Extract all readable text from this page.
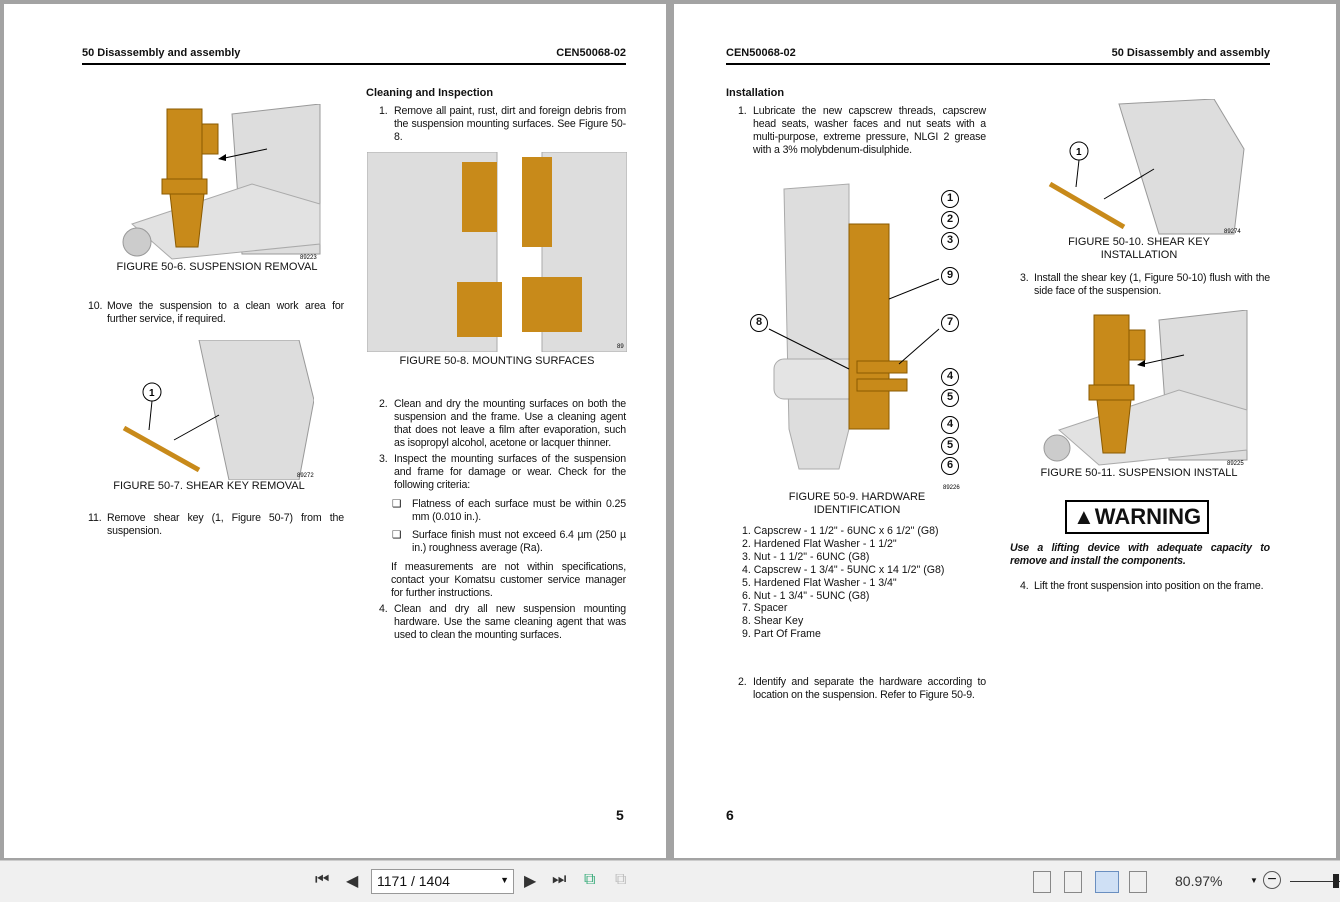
50 Disassembly and assembly	CEN50068-02
89223
FIGURE 50-6. SUSPENSION REMOVAL
10. Move the suspension to a clean work area for further service, if required.
1
89272
FIGURE 50-7. SHEAR KEY REMOVAL
11. Remove shear key (1, Figure 50-7) from the suspension.
Cleaning and Inspection
1. Remove all paint, rust, dirt and foreign debris from the suspension mounting surfaces. See Figure 50-8.
89
FIGURE 50-8. MOUNTING SURFACES
2. Clean and dry the mounting surfaces on both the suspension and the frame. Use a cleaning agent that does not leave a film after evaporation, such as isopropyl alcohol, acetone or lacquer thinner.
3. Inspect the mounting surfaces of the suspension and frame for damage or wear. Check for the following criteria:
❑ Flatness of each surface must be within 0.25 mm (0.010 in.).
❑ Surface finish must not exceed 6.4 µm (250 µ in.) roughness average (Ra).
If measurements are not within specifications, contact your Komatsu customer service manager for further instructions.
4. Clean and dry all new suspension mounting hardware. Use the same cleaning agent that was used to clean the mounting surfaces.
5
CEN50068-02	50 Disassembly and assembly
Installation
1. Lubricate the new capscrew threads, capscrew head seats, washer faces and nut seats with a multi-purpose, extreme pressure, NLGI 2 grease with a 3% molybdenum-disulphide.
89226
1
2
3
9
8	7
4
5
4
5
6
FIGURE 50-9. HARDWARE IDENTIFICATION
1. Capscrew - 1 1/2" - 6UNC x 6 1/2" (G8)
2. Hardened Flat Washer - 1 1/2"
3. Nut - 1 1/2" - 6UNC (G8)
4. Capscrew - 1 3/4" - 5UNC x 14 1/2" (G8)
5. Hardened Flat Washer - 1 3/4"
6. Nut - 1 3/4" - 5UNC (G8)
7. Spacer
8. Shear Key
9. Part Of Frame
2. Identify and separate the hardware according to location on the suspension. Refer to Figure 50-9.
1
89274
FIGURE 50-10. SHEAR KEY INSTALLATION
3. Install the shear key (1, Figure 50-10) flush with the side face of the suspension.
89225
FIGURE 50-11. SUSPENSION INSTALL
▲WARNING
Use a lifting device with adequate capacity to remove and install the components.
4. Lift the front suspension into position on the frame.
6
⏮ ◀	1171 / 1404	▼ ▶ ⏭ ⧉ ⧉	80.97%	▼ −
